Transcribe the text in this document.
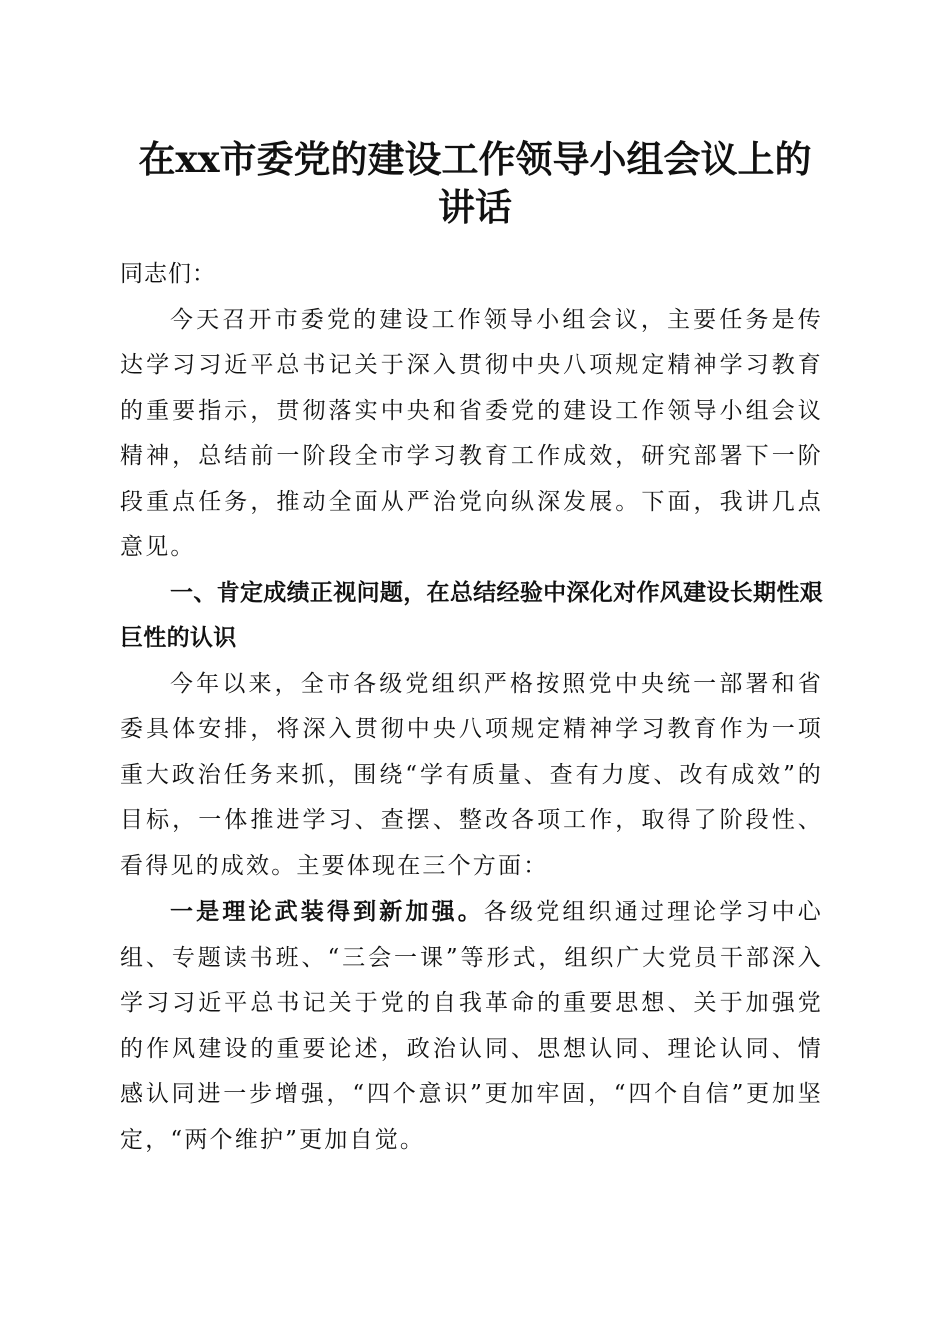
在xx市委党的建设工作领导小组会议上的讲话

同志们：

今天召开市委党的建设工作领导小组会议，主要任务是传达学习习近平总书记关于深入贯彻中央八项规定精神学习教育的重要指示，贯彻落实中央和省委党的建设工作领导小组会议精神，总结前一阶段全市学习教育工作成效，研究部署下一阶段重点任务，推动全面从严治党向纵深发展。下面，我讲几点意见。

一、肯定成绩正视问题，在总结经验中深化对作风建设长期性艰巨性的认识

今年以来，全市各级党组织严格按照党中央统一部署和省委具体安排，将深入贯彻中央八项规定精神学习教育作为一项重大政治任务来抓，围绕“学有质量、查有力度、改有成效”的目标，一体推进学习、查摆、整改各项工作，取得了阶段性、看得见的成效。主要体现在三个方面：

一是理论武装得到新加强。各级党组织通过理论学习中心组、专题读书班、“三会一课”等形式，组织广大党员干部深入学习习近平总书记关于党的自我革命的重要思想、关于加强党的作风建设的重要论述，政治认同、思想认同、理论认同、情感认同进一步增强，“四个意识”更加牢固，“四个自信”更加坚定，“两个维护”更加自觉。
